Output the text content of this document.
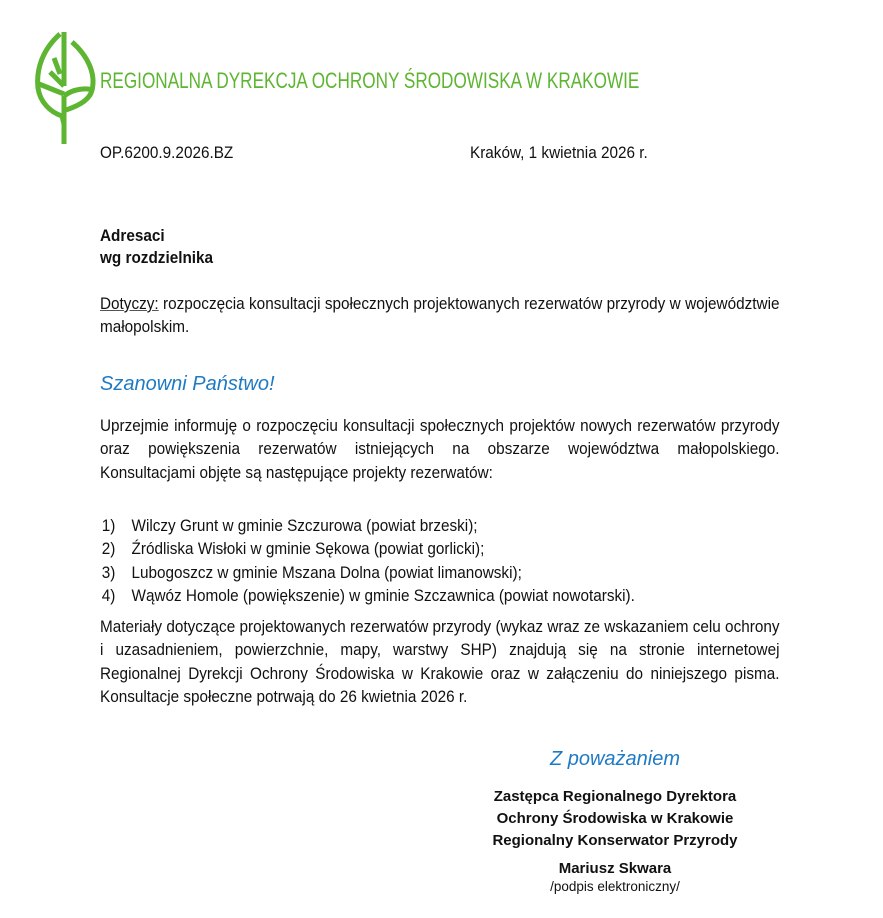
REGIONALNA DYREKCJA OCHRONY ŚRODOWISKA W KRAKOWIE
OP.6200.9.2026.BZ	Kraków, 1 kwietnia 2026 r.
Adresaci
wg rozdzielnika
Dotyczy: rozpoczęcia konsultacji społecznych projektowanych rezerwatów przyrody w województwie małopolskim.
Szanowni Państwo!
Uprzejmie informuję o rozpoczęciu konsultacji społecznych projektów nowych rezerwatów przyrody oraz powiększenia rezerwatów istniejących na obszarze województwa małopolskiego. Konsultacjami objęte są następujące projekty rezerwatów:
1) Wilczy Grunt w gminie Szczurowa (powiat brzeski);
2) Źródliska Wisłoki w gminie Sękowa (powiat gorlicki);
3) Lubogoszcz w gminie Mszana Dolna (powiat limanowski);
4) Wąwóz Homole (powiększenie) w gminie Szczawnica (powiat nowotarski).
Materiały dotyczące projektowanych rezerwatów przyrody (wykaz wraz ze wskazaniem celu ochrony i uzasadnieniem, powierzchnie, mapy, warstwy SHP) znajdują się na stronie internetowej Regionalnej Dyrekcji Ochrony Środowiska w Krakowie oraz w załączeniu do niniejszego pisma. Konsultacje społeczne potrwają do 26 kwietnia 2026 r.
Z poważaniem
Zastępca Regionalnego Dyrektora
Ochrony Środowiska w Krakowie
Regionalny Konserwator Przyrody
Mariusz Skwara
/podpis elektroniczny/
